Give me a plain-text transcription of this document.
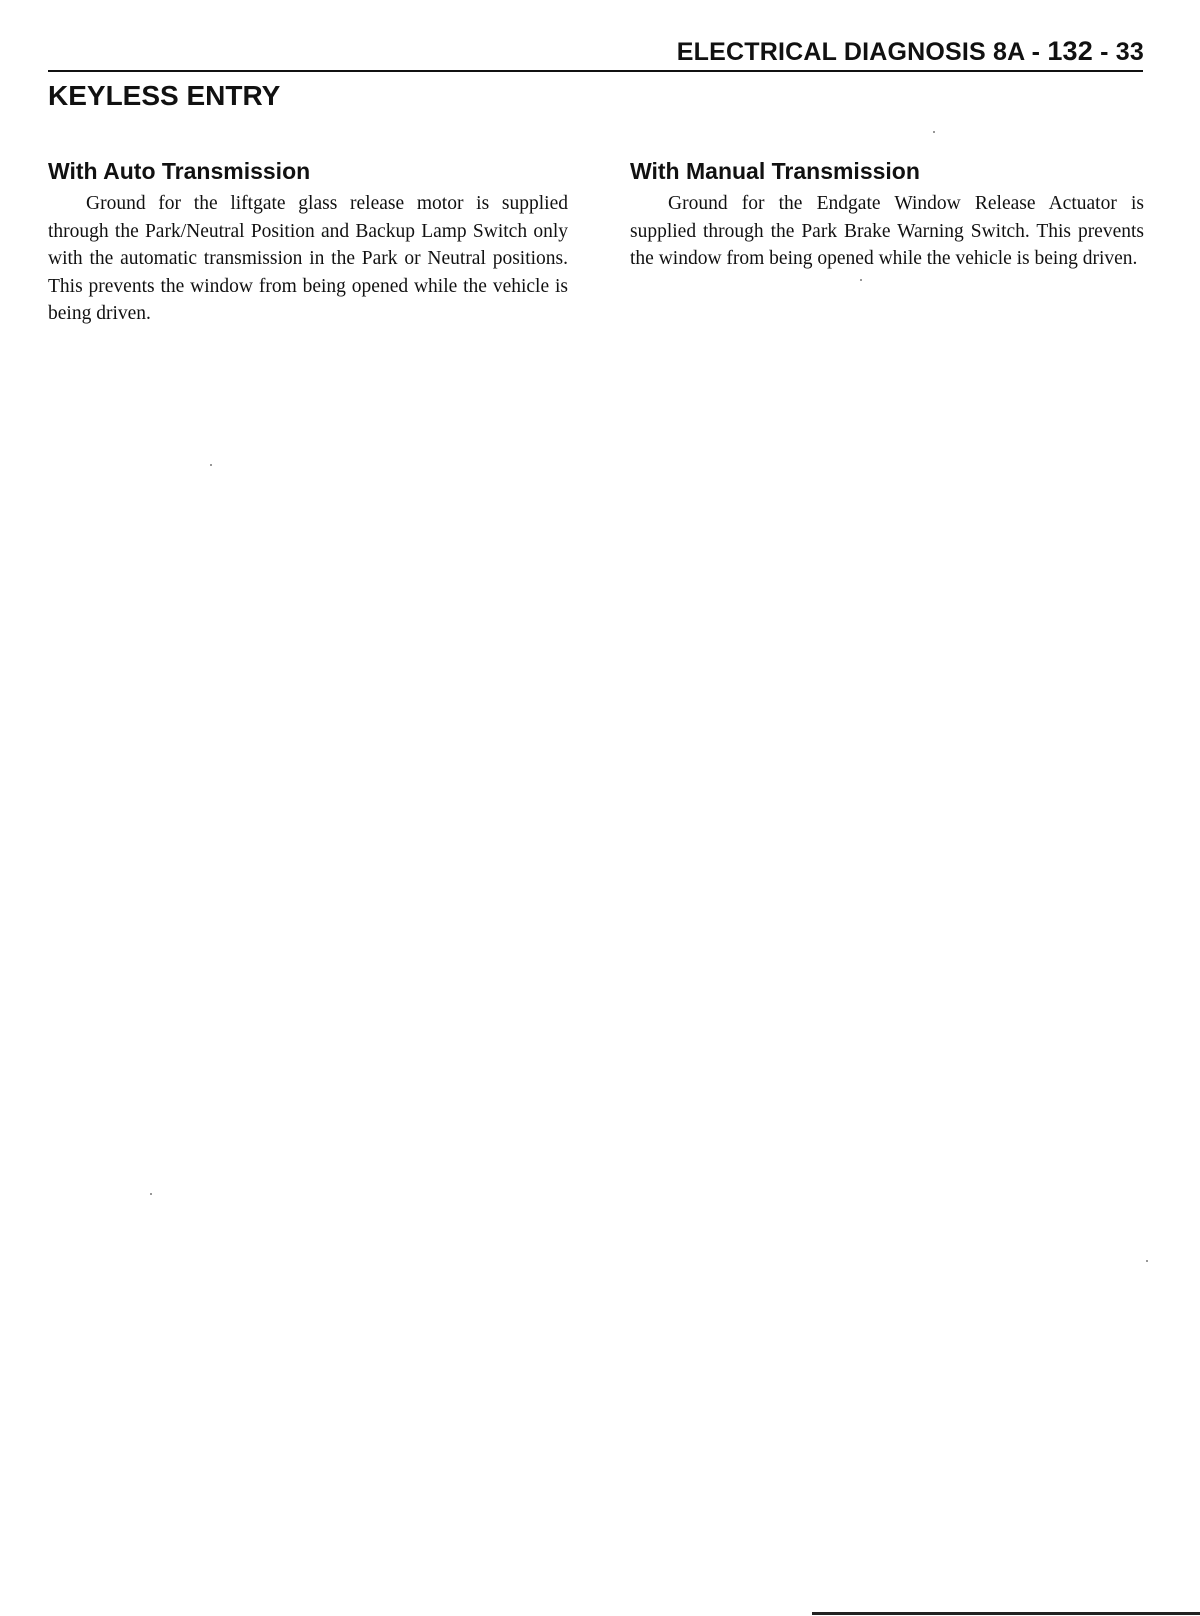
ELECTRICAL DIAGNOSIS 8A - 132 - 33
KEYLESS ENTRY
With Auto Transmission

Ground for the liftgate glass release motor is supplied through the Park/Neutral Position and Backup Lamp Switch only with the automatic transmission in the Park or Neutral positions. This prevents the window from being opened while the vehicle is being driven.

With Manual Transmission

Ground for the Endgate Window Release Actuator is supplied through the Park Brake Warning Switch. This prevents the window from being opened while the vehicle is being driven.
